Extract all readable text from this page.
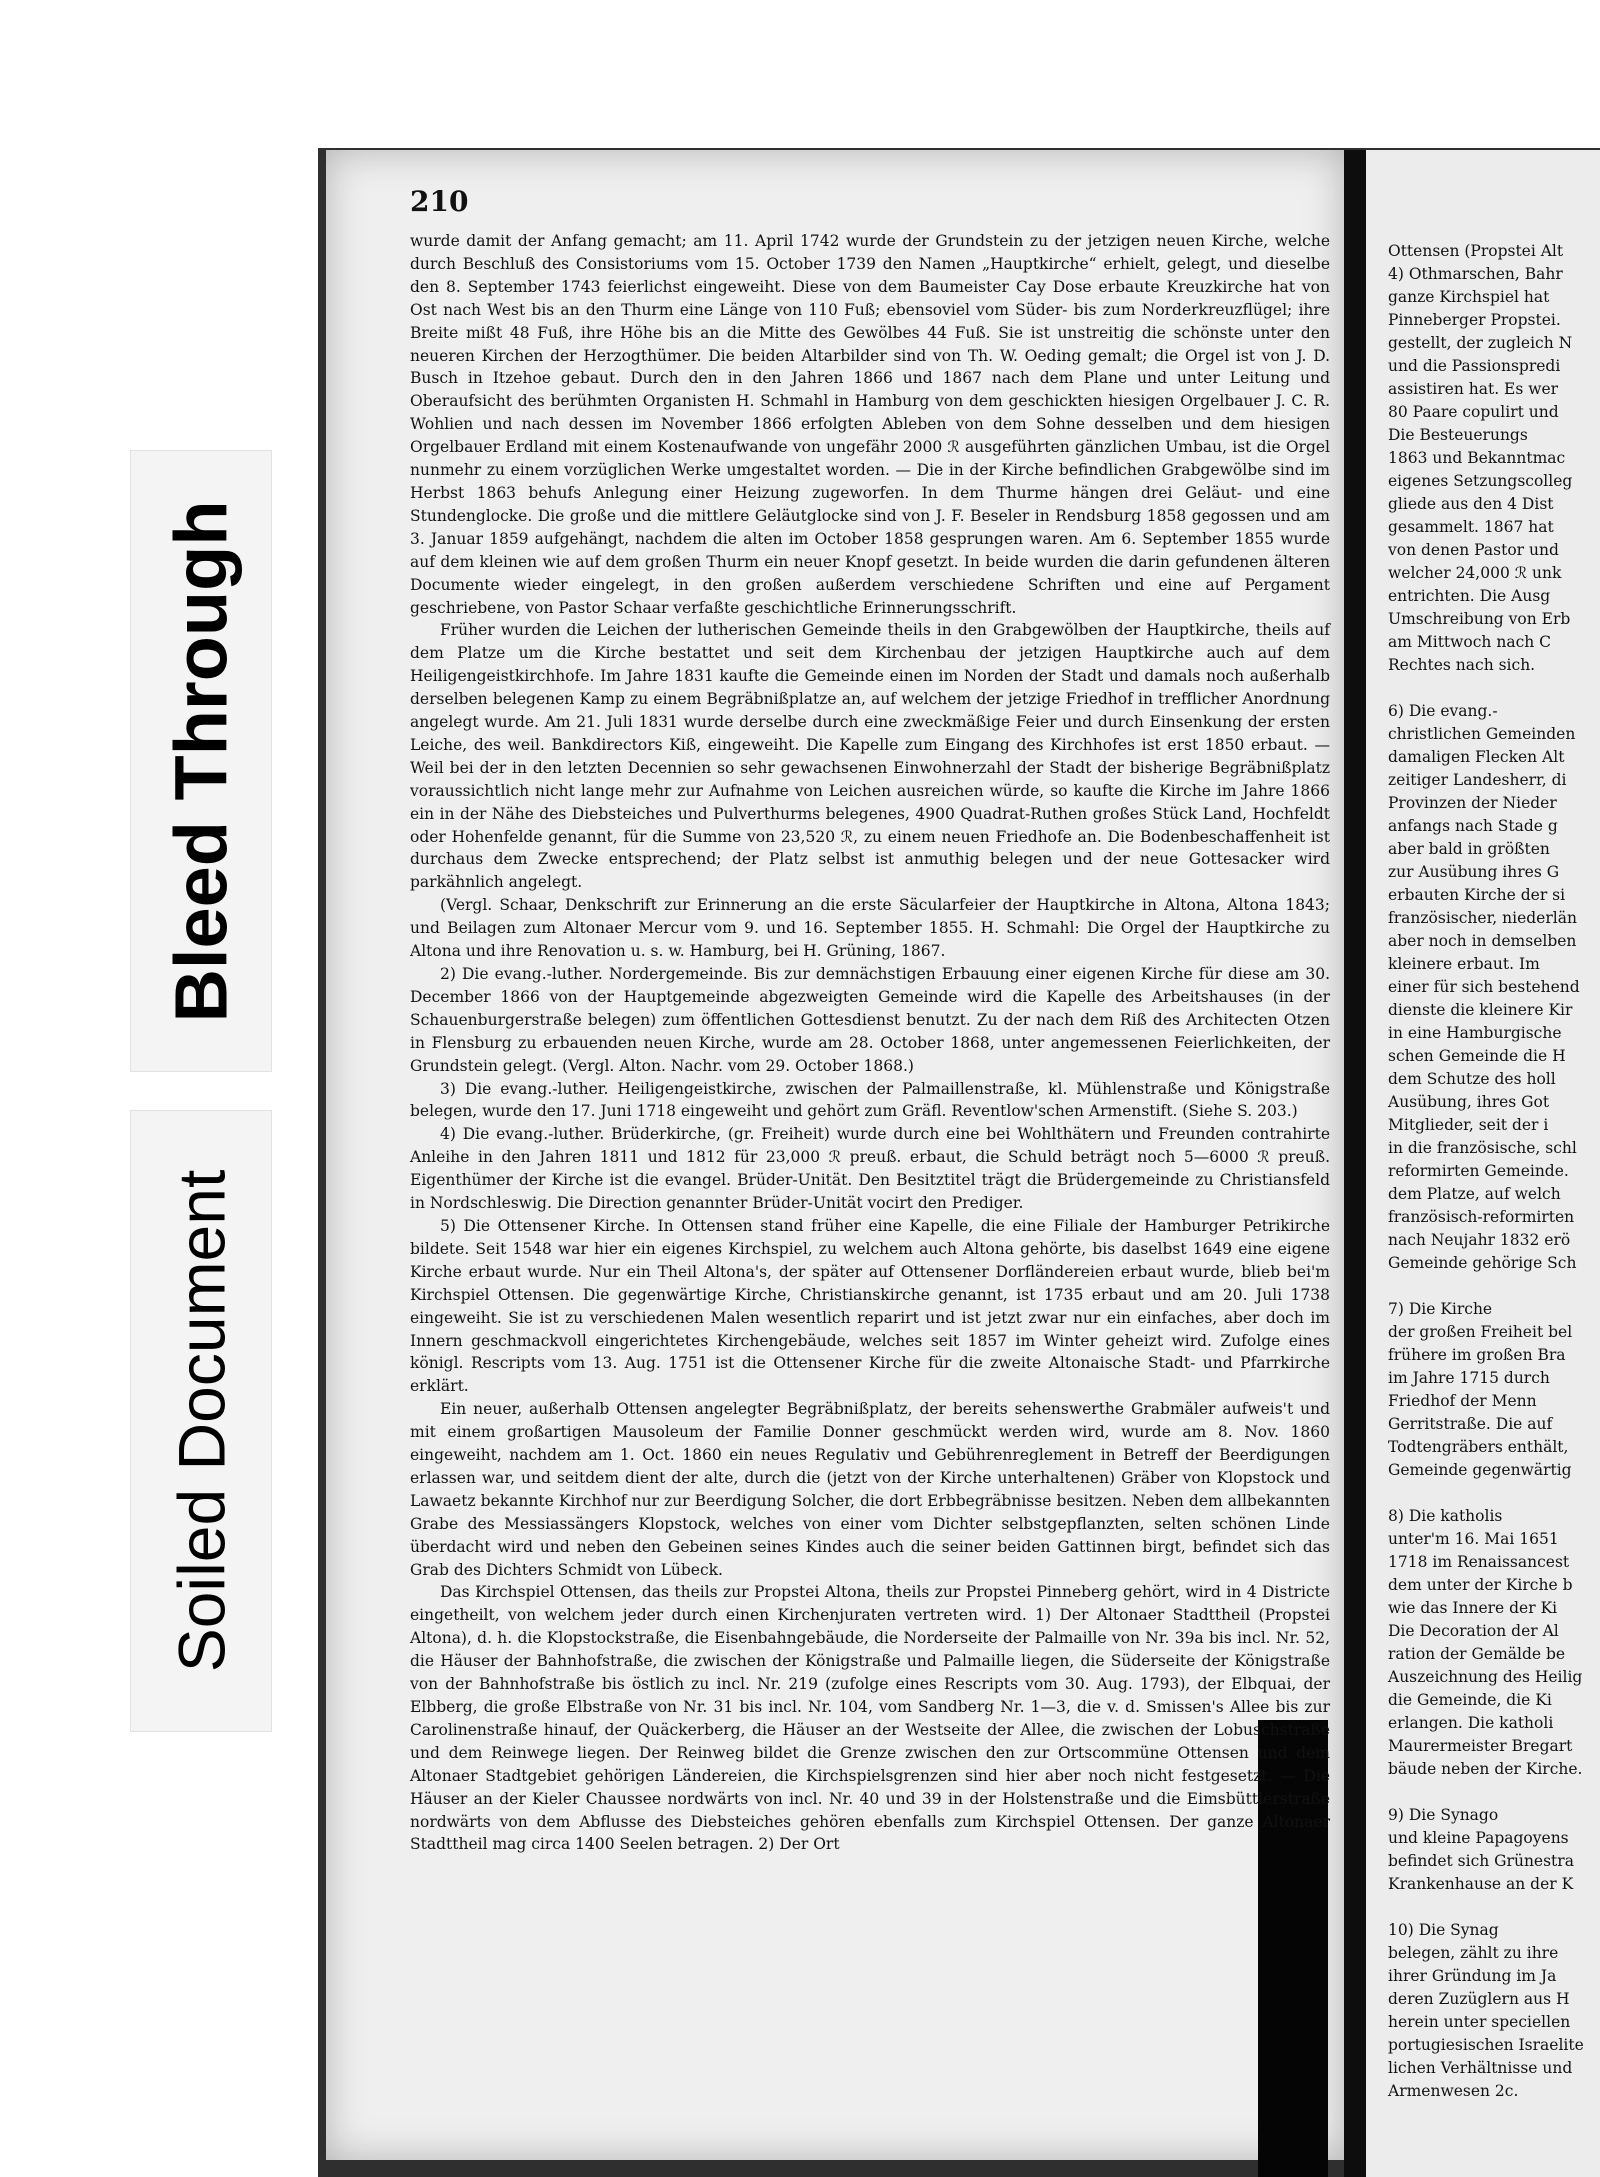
Bleed Through
Soiled Document
210

wurde damit der Anfang gemacht; am 11. April 1742 wurde der Grundstein zu der jetzigen neuen Kirche, welche durch Beschluß des Consistoriums vom 15. October 1739 den Namen „Hauptkirche“ erhielt, gelegt, und dieselbe den 8. September 1743 feierlichst eingeweiht. Diese von dem Baumeister Cay Dose erbaute Kreuzkirche hat von Ost nach West bis an den Thurm eine Länge von 110 Fuß; ebensoviel vom Süder- bis zum Norderkreuzflügel; ihre Breite mißt 48 Fuß, ihre Höhe bis an die Mitte des Gewölbes 44 Fuß. Sie ist unstreitig die schönste unter den neueren Kirchen der Herzogthümer. Die beiden Altarbilder sind von Th. W. Oeding gemalt; die Orgel ist von J. D. Busch in Itzehoe gebaut. Durch den in den Jahren 1866 und 1867 nach dem Plane und unter Leitung und Oberaufsicht des berühmten Organisten H. Schmahl in Hamburg von dem geschickten hiesigen Orgelbauer J. C. R. Wohlien und nach dessen im November 1866 erfolgten Ableben von dem Sohne desselben und dem hiesigen Orgelbauer Erdland mit einem Kostenaufwande von ungefähr 2000 ℛ︀ ausgeführten gänzlichen Umbau, ist die Orgel nunmehr zu einem vorzüglichen Werke umgestaltet worden. — Die in der Kirche befindlichen Grabgewölbe sind im Herbst 1863 behufs Anlegung einer Heizung zugeworfen. In dem Thurme hängen drei Geläut- und eine Stundenglocke. Die große und die mittlere Geläutglocke sind von J. F. Beseler in Rendsburg 1858 gegossen und am 3. Januar 1859 aufgehängt, nachdem die alten im October 1858 gesprungen waren. Am 6. September 1855 wurde auf dem kleinen wie auf dem großen Thurm ein neuer Knopf gesetzt. In beide wurden die darin gefundenen älteren Documente wieder eingelegt, in den großen außerdem verschiedene Schriften und eine auf Pergament geschriebene, von Pastor Schaar verfaßte geschichtliche Erinnerungsschrift.

Früher wurden die Leichen der lutherischen Gemeinde theils in den Grabgewölben der Hauptkirche, theils auf dem Platze um die Kirche bestattet und seit dem Kirchenbau der jetzigen Hauptkirche auch auf dem Heiligengeistkirchhofe. Im Jahre 1831 kaufte die Gemeinde einen im Norden der Stadt und damals noch außerhalb derselben belegenen Kamp zu einem Begräbnißplatze an, auf welchem der jetzige Friedhof in trefflicher Anordnung angelegt wurde. Am 21. Juli 1831 wurde derselbe durch eine zweckmäßige Feier und durch Einsenkung der ersten Leiche, des weil. Bankdirectors Kiß, eingeweiht. Die Kapelle zum Eingang des Kirchhofes ist erst 1850 erbaut. — Weil bei der in den letzten Decennien so sehr gewachsenen Einwohnerzahl der Stadt der bisherige Begräbnißplatz voraussichtlich nicht lange mehr zur Aufnahme von Leichen ausreichen würde, so kaufte die Kirche im Jahre 1866 ein in der Nähe des Diebsteiches und Pulverthurms belegenes, 4900 Quadrat-Ruthen großes Stück Land, Hochfeldt oder Hohenfelde genannt, für die Summe von 23,520 ℛ︀, zu einem neuen Friedhofe an. Die Bodenbeschaffenheit ist durchaus dem Zwecke entsprechend; der Platz selbst ist anmuthig belegen und der neue Gottesacker wird parkähnlich angelegt.

(Vergl. Schaar, Denkschrift zur Erinnerung an die erste Säcularfeier der Hauptkirche in Altona, Altona 1843; und Beilagen zum Altonaer Mercur vom 9. und 16. September 1855. H. Schmahl: Die Orgel der Hauptkirche zu Altona und ihre Renovation u. s. w. Hamburg, bei H. Grüning, 1867.

2) Die evang.-luther. Nordergemeinde. Bis zur demnächstigen Erbauung einer eigenen Kirche für diese am 30. December 1866 von der Hauptgemeinde abgezweigten Gemeinde wird die Kapelle des Arbeitshauses (in der Schauenburgerstraße belegen) zum öffentlichen Gottesdienst benutzt. Zu der nach dem Riß des Architecten Otzen in Flensburg zu erbauenden neuen Kirche, wurde am 28. October 1868, unter angemessenen Feierlichkeiten, der Grundstein gelegt. (Vergl. Alton. Nachr. vom 29. October 1868.)

3) Die evang.-luther. Heiligengeistkirche, zwischen der Palmaillenstraße, kl. Mühlenstraße und Königstraße belegen, wurde den 17. Juni 1718 eingeweiht und gehört zum Gräfl. Reventlow'schen Armenstift. (Siehe S. 203.)

4) Die evang.-luther. Brüderkirche, (gr. Freiheit) wurde durch eine bei Wohlthätern und Freunden contrahirte Anleihe in den Jahren 1811 und 1812 für 23,000 ℛ︀ preuß. erbaut, die Schuld beträgt noch 5—6000 ℛ︀ preuß. Eigenthümer der Kirche ist die evangel. Brüder-Unität. Den Besitztitel trägt die Brüdergemeinde zu Christiansfeld in Nordschleswig. Die Direction genannter Brüder-Unität vocirt den Prediger.

5) Die Ottensener Kirche. In Ottensen stand früher eine Kapelle, die eine Filiale der Hamburger Petrikirche bildete. Seit 1548 war hier ein eigenes Kirchspiel, zu welchem auch Altona gehörte, bis daselbst 1649 eine eigene Kirche erbaut wurde. Nur ein Theil Altona's, der später auf Ottensener Dorfländereien erbaut wurde, blieb bei'm Kirchspiel Ottensen. Die gegenwärtige Kirche, Christianskirche genannt, ist 1735 erbaut und am 20. Juli 1738 eingeweiht. Sie ist zu verschiedenen Malen wesentlich reparirt und ist jetzt zwar nur ein einfaches, aber doch im Innern geschmackvoll eingerichtetes Kirchengebäude, welches seit 1857 im Winter geheizt wird. Zufolge eines königl. Rescripts vom 13. Aug. 1751 ist die Ottensener Kirche für die zweite Altonaische Stadt- und Pfarrkirche erklärt.

Ein neuer, außerhalb Ottensen angelegter Begräbnißplatz, der bereits sehenswerthe Grabmäler aufweis't und mit einem großartigen Mausoleum der Familie Donner geschmückt werden wird, wurde am 8. Nov. 1860 eingeweiht, nachdem am 1. Oct. 1860 ein neues Regulativ und Gebührenreglement in Betreff der Beerdigungen erlassen war, und seitdem dient der alte, durch die (jetzt von der Kirche unterhaltenen) Gräber von Klopstock und Lawaetz bekannte Kirchhof nur zur Beerdigung Solcher, die dort Erbbegräbnisse besitzen. Neben dem allbekannten Grabe des Messiassängers Klopstock, welches von einer vom Dichter selbstgepflanzten, selten schönen Linde überdacht wird und neben den Gebeinen seines Kindes auch die seiner beiden Gattinnen birgt, befindet sich das Grab des Dichters Schmidt von Lübeck.

Das Kirchspiel Ottensen, das theils zur Propstei Altona, theils zur Propstei Pinneberg gehört, wird in 4 Districte eingetheilt, von welchem jeder durch einen Kirchenjuraten vertreten wird. 1) Der Altonaer Stadttheil (Propstei Altona), d. h. die Klopstockstraße, die Eisenbahngebäude, die Norderseite der Palmaille von Nr. 39a bis incl. Nr. 52, die Häuser der Bahnhofstraße, die zwischen der Königstraße und Palmaille liegen, die Süderseite der Königstraße von der Bahnhofstraße bis östlich zu incl. Nr. 219 (zufolge eines Rescripts vom 30. Aug. 1793), der Elbquai, der Elbberg, die große Elbstraße von Nr. 31 bis incl. Nr. 104, vom Sandberg Nr. 1—3, die v. d. Smissen's Allee bis zur Carolinenstraße hinauf, der Quäckerberg, die Häuser an der Westseite der Allee, die zwischen der Lobuschstraße und dem Reinwege liegen. Der Reinweg bildet die Grenze zwischen den zur Ortscommüne Ottensen und dem Altonaer Stadtgebiet gehörigen Ländereien, die Kirchspielsgrenzen sind hier aber noch nicht festgesetzt. — Die Häuser an der Kieler Chaussee nordwärts von incl. Nr. 40 und 39 in der Holstenstraße und die Eimsbüttlerstraße nordwärts von dem Abflusse des Diebsteiches gehören ebenfalls zum Kirchspiel Ottensen. Der ganze Altonaer Stadttheil mag circa 1400 Seelen betragen. 2) Der Ort

Ottensen (Propstei Alt
4) Othmarschen, Bahr
ganze Kirchspiel hat
Pinneberger Propstei.
gestellt, der zugleich N
und die Passionspredi
assistiren hat. Es wer
80 Paare copulirt und
Die Besteuerungs
1863 und Bekanntmac
eigenes Setzungscolleg
gliede aus den 4 Dist
gesammelt. 1867 hat
von denen Pastor und
welcher 24,000 ℛ︀ unk
entrichten. Die Ausg
Umschreibung von Erb
am Mittwoch nach C
Rechtes nach sich.
6) Die evang.-
christlichen Gemeinden
damaligen Flecken Alt
zeitiger Landesherr, di
Provinzen der Nieder
anfangs nach Stade g
aber bald in größten
zur Ausübung ihres G
erbauten Kirche der si
französischer, niederlän
aber noch in demselben
kleinere erbaut. Im
einer für sich bestehend
dienste die kleinere Kir
in eine Hamburgische
schen Gemeinde die H
dem Schutze des holl
Ausübung, ihres Got
Mitglieder, seit der i
in die französische, schl
reformirten Gemeinde.
dem Platze, auf welch
französisch-reformirten
nach Neujahr 1832 erö
Gemeinde gehörige Sch
7) Die Kirche
der großen Freiheit bel
frühere im großen Bra
im Jahre 1715 durch
Friedhof der Menn
Gerritstraße. Die auf
Todtengräbers enthält,
Gemeinde gegenwärtig
8) Die katholis
unter'm 16. Mai 1651
1718 im Renaissancest
dem unter der Kirche b
wie das Innere der Ki
Die Decoration der Al
ration der Gemälde be
Auszeichnung des Heilig
die Gemeinde, die Ki
erlangen. Die katholi
Maurermeister Bregart
bäude neben der Kirche.
9) Die Synago
und kleine Papagoyens
befindet sich Grünestra
Krankenhause an der K
10) Die Synag
belegen, zählt zu ihre
ihrer Gründung im Ja
deren Zuzüglern aus H
herein unter speciellen
portugiesischen Israelite
lichen Verhältnisse und
Armenwesen 2c.
